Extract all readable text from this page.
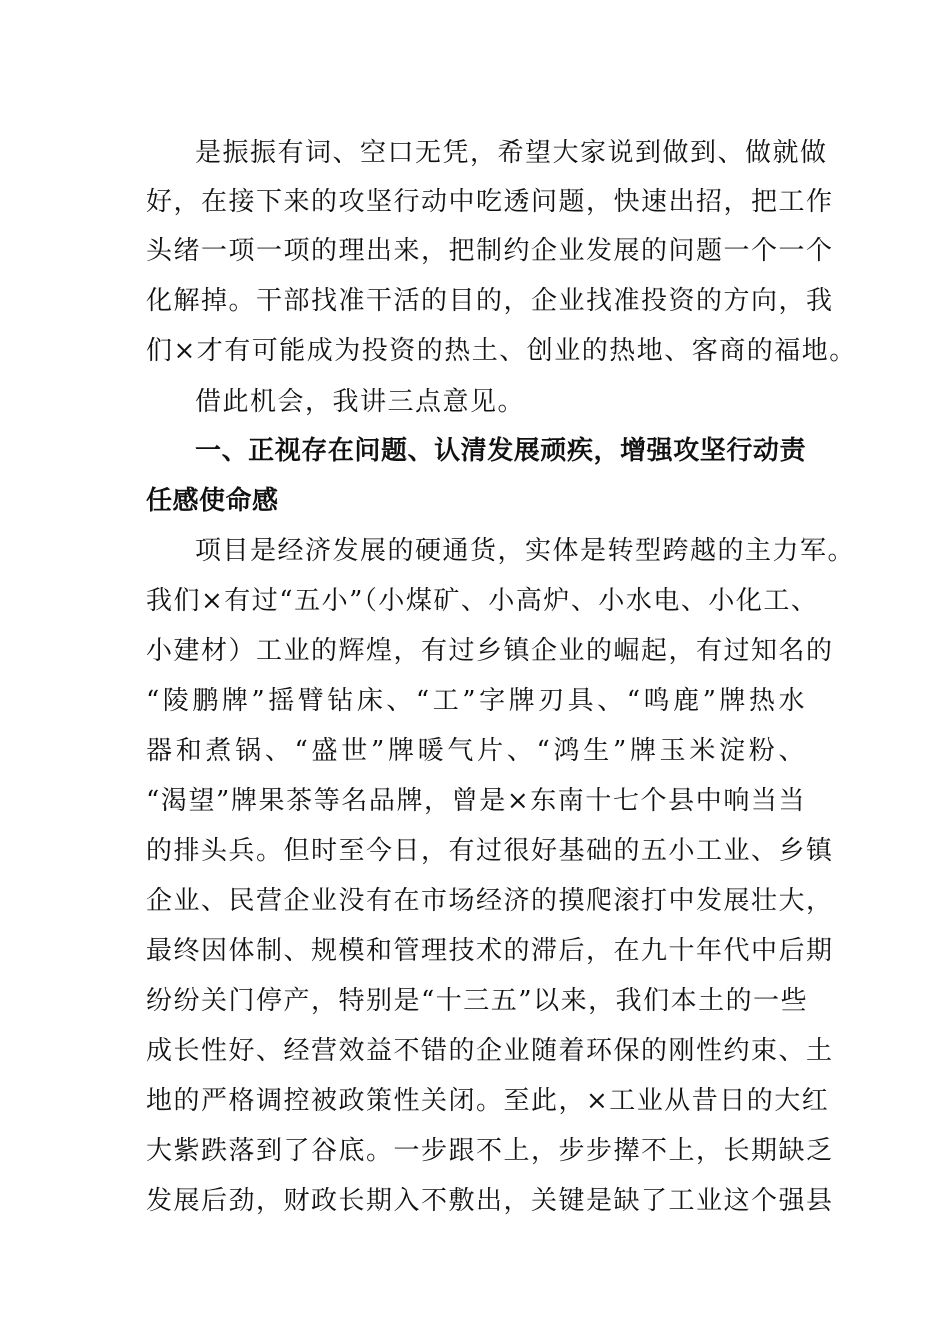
是振振有词、空口无凭，希望大家说到做到、做就做
好，在接下来的攻坚行动中吃透问题，快速出招，把工作
头绪一项一项的理出来，把制约企业发展的问题一个一个
化解掉。干部找准干活的目的，企业找准投资的方向，我
们×才有可能成为投资的热土、创业的热地、客商的福地。
借此机会，我讲三点意见。
一、正视存在问题、认清发展顽疾，增强攻坚行动责
任感使命感
项目是经济发展的硬通货，实体是转型跨越的主力军。
我们×有过“五小”（小煤矿、小高炉、小水电、小化工、
小建材）工业的辉煌，有过乡镇企业的崛起，有过知名的
“陵鹏牌”摇臂钻床、“工”字牌刃具、“鸣鹿”牌热水
器和煮锅、“盛世”牌暖气片、“鸿生”牌玉米淀粉、
“渴望”牌果茶等名品牌，曾是×东南十七个县中响当当
的排头兵。但时至今日，有过很好基础的五小工业、乡镇
企业、民营企业没有在市场经济的摸爬滚打中发展壮大，
最终因体制、规模和管理技术的滞后，在九十年代中后期
纷纷关门停产，特别是“十三五”以来，我们本土的一些
成长性好、经营效益不错的企业随着环保的刚性约束、土
地的严格调控被政策性关闭。至此，×工业从昔日的大红
大紫跌落到了谷底。一步跟不上，步步撵不上，长期缺乏
发展后劲，财政长期入不敷出，关键是缺了工业这个强县
